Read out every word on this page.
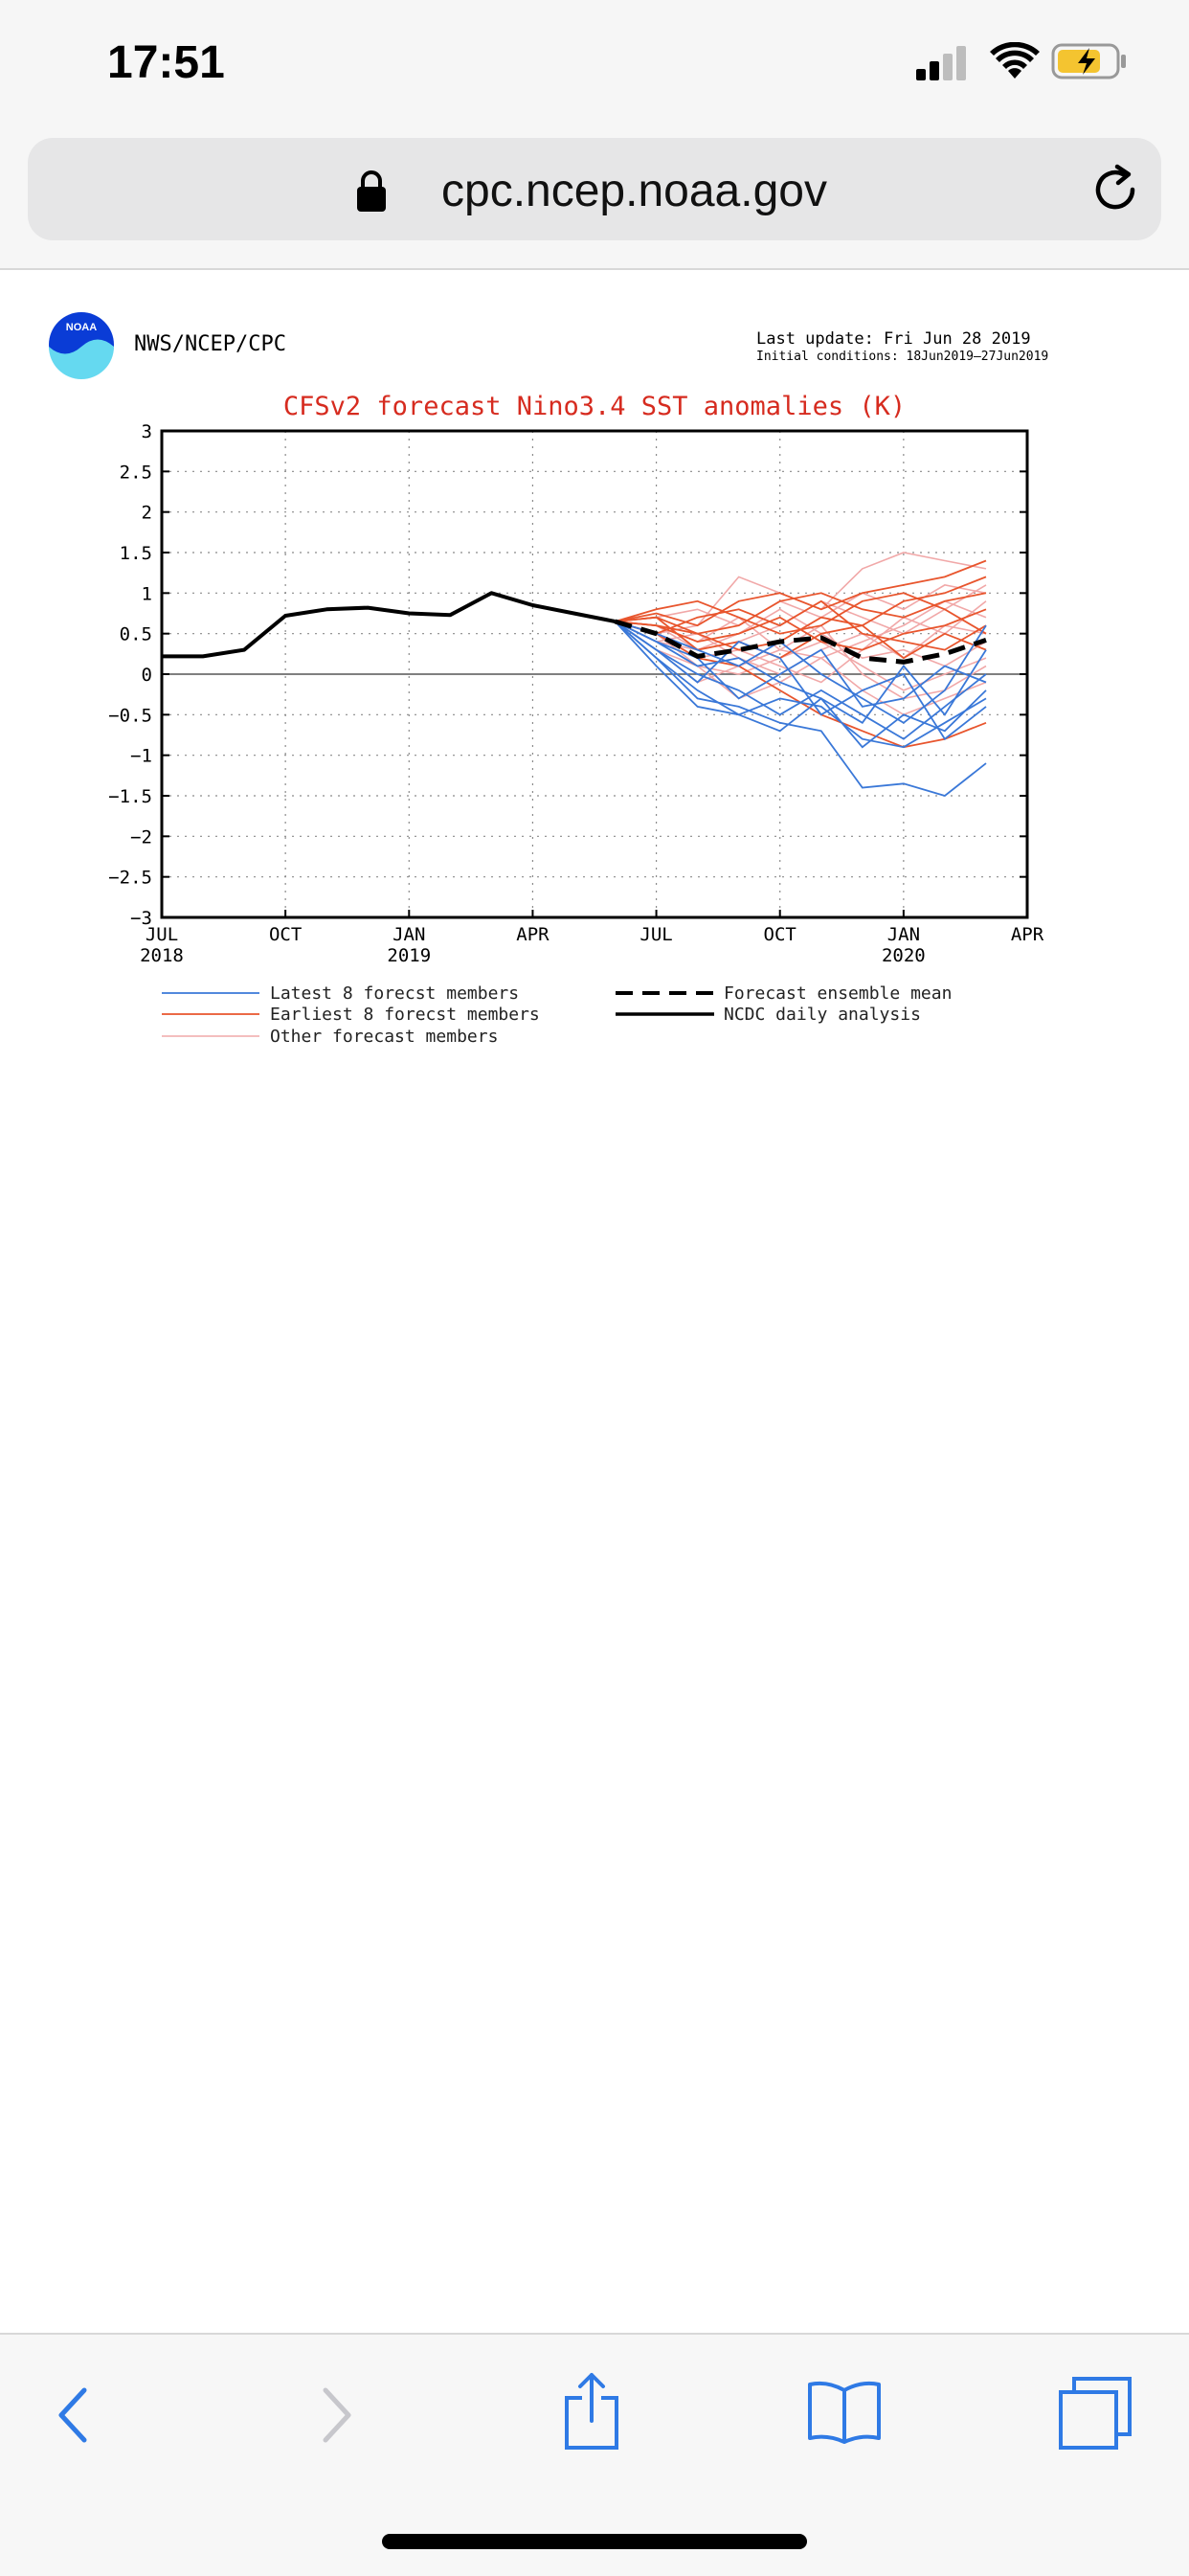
17:51
cpc.ncep.noaa.gov
NOAA
NWS/NCEP/CPC	Last update: Fri Jun 28 2019
Initial conditions: 18Jun2019–27Jun2019
CFSv2 forecast Nino3.4 SST anomalies (K)
3
2.5
2
1.5
1
0.5
0
−0.5
−1
−1.5
−2
−2.5
−3
JUL
2018
OCT	JAN
2019
APR	JUL	OCT	JAN
2020
APR
Latest 8 forecst members
Earliest 8 forecst members
Other forecast members
Forecast ensemble mean
NCDC daily analysis
